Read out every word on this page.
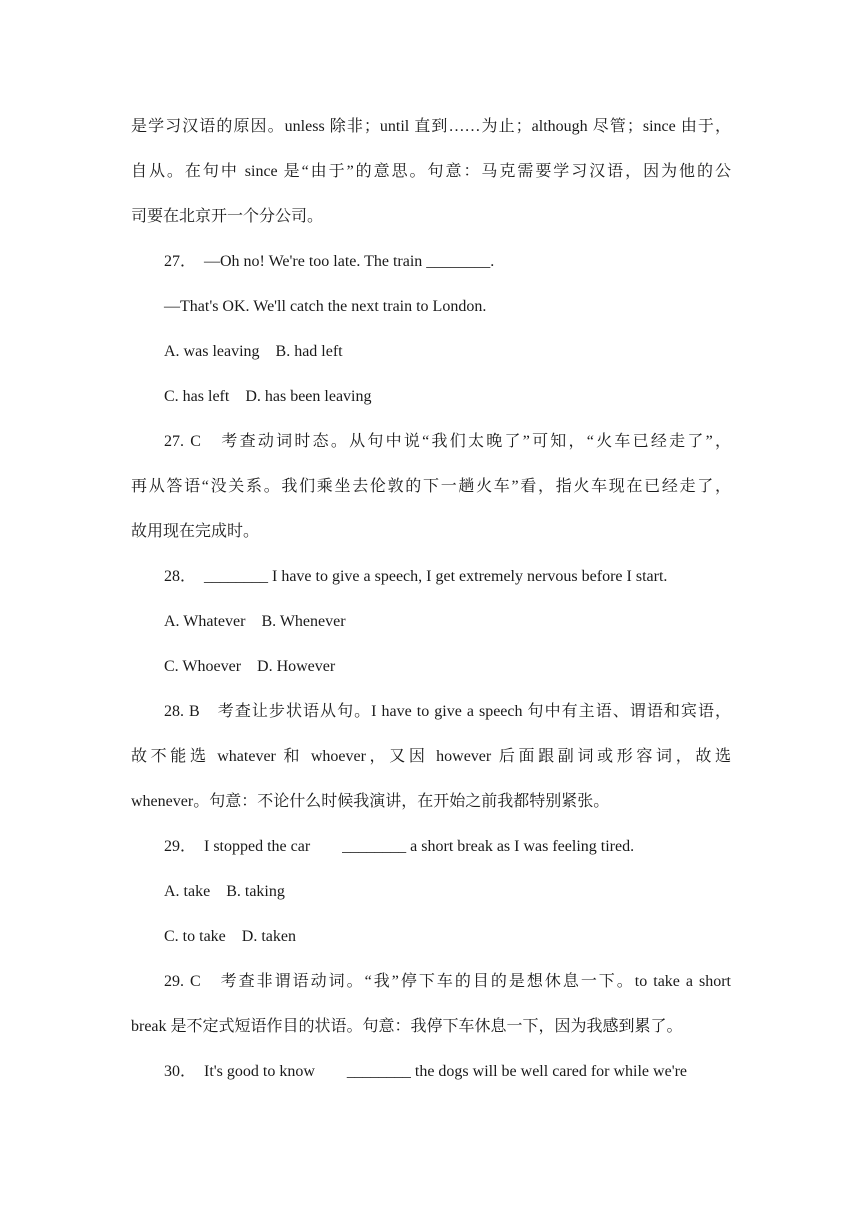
是学习汉语的原因。unless 除非；until 直到……为止；although 尽管；since 由于，
自从。在句中 since 是“由于”的意思。句意：马克需要学习汉语，因为他的公
司要在北京开一个分公司。
27．　—Oh no! We're too late. The train ________.
—That's OK. We'll catch the next train to London.
A. was leaving　B. had left
C. has left　D. has been leaving
27. C　考查动词时态。从句中说“我们太晚了”可知，“火车已经走了”，
再从答语“没关系。我们乘坐去伦敦的下一趟火车”看，指火车现在已经走了，
故用现在完成时。
28．　________ I have to give a speech, I get extremely nervous before I start.
A. Whatever　B. Whenever
C. Whoever　D. However
28. B　考查让步状语从句。I have to give a speech 句中有主语、谓语和宾语，
故不能选 whatever 和 whoever，又因 however 后面跟副词或形容词，故选
whenever。句意：不论什么时候我演讲，在开始之前我都特别紧张。
29．　I stopped the car　　________ a short break as I was feeling tired.
A. take　B. taking
C. to take　D. taken
29. C　考查非谓语动词。“我”停下车的目的是想休息一下。to take a short
break 是不定式短语作目的状语。句意：我停下车休息一下，因为我感到累了。
30．　It's good to know　　________ the dogs will be well cared for while we're
